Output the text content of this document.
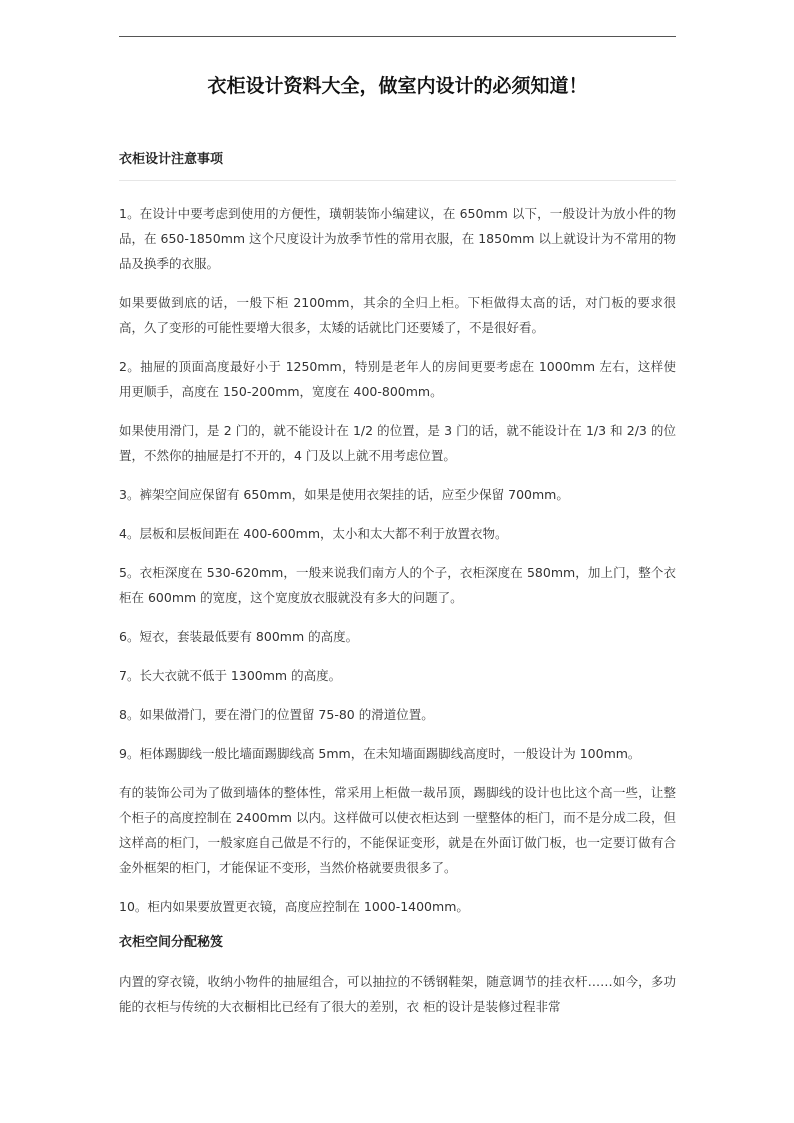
衣柜设计资料大全，做室内设计的必须知道！
衣柜设计注意事项

1。在设计中要考虑到使用的方便性，璜朝装饰小编建议，在 650mm 以下，一般设计为放小件的物品，在 650-1850mm 这个尺度设计为放季节性的常用衣服，在 1850mm 以上就设计为不常用的物品及换季的衣服。

如果要做到底的话，一般下柜 2100mm，其余的全归上柜。下柜做得太高的话，对门板的要求很高，久了变形的可能性要增大很多，太矮的话就比门还要矮了，不是很好看。

2。抽屉的顶面高度最好小于 1250mm，特别是老年人的房间更要考虑在 1000mm 左右，这样使用更顺手，高度在 150-200mm，宽度在 400-800mm。

如果使用滑门，是 2 门的，就不能设计在 1/2 的位置，是 3 门的话，就不能设计在 1/3 和 2/3 的位置，不然你的抽屉是打不开的，4 门及以上就不用考虑位置。

3。裤架空间应保留有 650mm，如果是使用衣架挂的话，应至少保留 700mm。

4。层板和层板间距在 400-600mm，太小和太大都不利于放置衣物。

5。衣柜深度在 530-620mm，一般来说我们南方人的个子，衣柜深度在 580mm，加上门，整个衣柜在 600mm 的宽度，这个宽度放衣服就没有多大的问题了。

6。短衣，套装最低要有 800mm 的高度。

7。长大衣就不低于 1300mm 的高度。

8。如果做滑门，要在滑门的位置留 75-80 的滑道位置。

9。柜体踢脚线一般比墙面踢脚线高 5mm，在未知墙面踢脚线高度时，一般设计为 100mm。

有的装饰公司为了做到墙体的整体性，常采用上柜做一裁吊顶，踢脚线的设计也比这个高一些，让整个柜子的高度控制在 2400mm 以内。这样做可以使衣柜达到 一壁整体的柜门，而不是分成二段，但这样高的柜门，一般家庭自己做是不行的，不能保证变形，就是在外面订做门板，也一定要订做有合金外框架的柜门，才能保证不变形，当然价格就要贵很多了。

10。柜内如果要放置更衣镜，高度应控制在 1000-1400mm。

衣柜空间分配秘笈

内置的穿衣镜，收纳小物件的抽屉组合，可以抽拉的不锈钢鞋架，随意调节的挂衣杆……如今，多功能的衣柜与传统的大衣橱相比已经有了很大的差别，衣 柜的设计是装修过程非常
